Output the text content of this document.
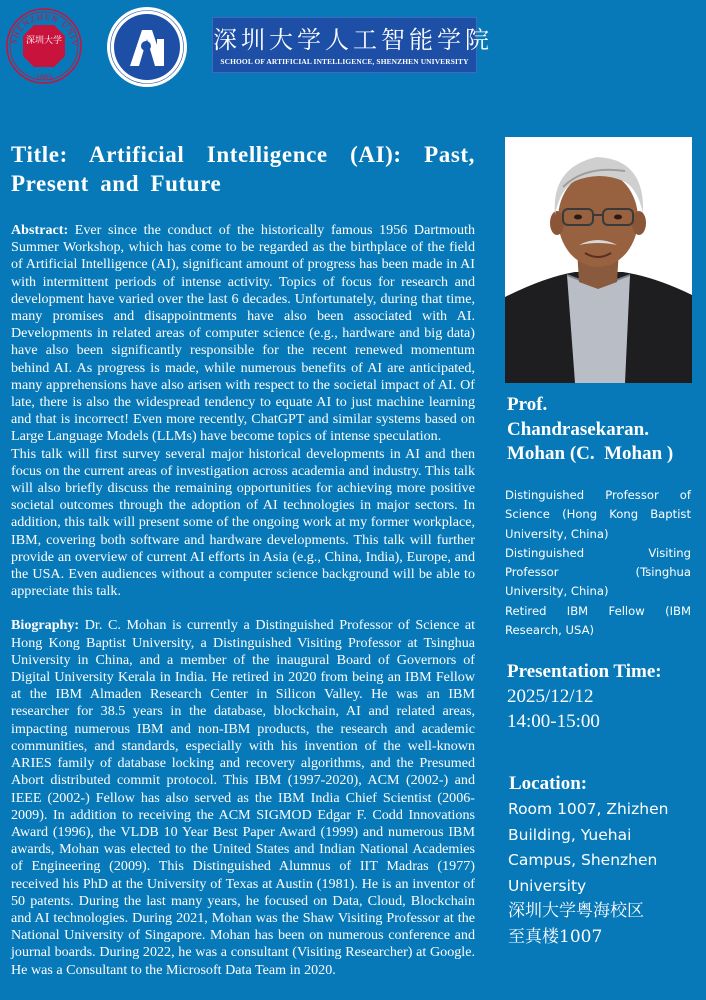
SHENZHEN UNIV
深圳大学
1983
深圳大学人工智能学院
SCHOOL OF ARTIFICIAL INTELLIGENCE, SHENZHEN UNIVERSITY
Title: Artificial Intelligence (AI): Past, Present and Future

Abstract: Ever since the conduct of the historically famous 1956 Dartmouth Summer Workshop, which has come to be regarded as the birthplace of the field of Artificial Intelligence (AI), significant amount of progress has been made in AI with intermittent periods of intense activity. Topics of focus for research and development have varied over the last 6 decades. Unfortunately, during that time, many promises and disappointments have also been associated with AI. Developments in related areas of computer science (e.g., hardware and big data) have also been significantly responsible for the recent renewed momentum behind AI. As progress is made, while numerous benefits of AI are anticipated, many apprehensions have also arisen with respect to the societal impact of AI. Of late, there is also the widespread tendency to equate AI to just machine learning and that is incorrect! Even more recently, ChatGPT and similar systems based on Large Language Models (LLMs) have become topics of intense speculation.

This talk will first survey several major historical developments in AI and then focus on the current areas of investigation across academia and industry. This talk will also briefly discuss the remaining opportunities for achieving more positive societal outcomes through the adoption of AI technologies in major sectors. In addition, this talk will present some of the ongoing work at my former workplace, IBM, covering both software and hardware developments. This talk will further provide an overview of current AI efforts in Asia (e.g., China, India), Europe, and the USA. Even audiences without a computer science background will be able to appreciate this talk.

Biography: Dr. C. Mohan is currently a Distinguished Professor of Science at Hong Kong Baptist University, a Distinguished Visiting Professor at Tsinghua University in China, and a member of the inaugural Board of Governors of Digital University Kerala in India. He retired in 2020 from being an IBM Fellow at the IBM Almaden Research Center in Silicon Valley. He was an IBM researcher for 38.5 years in the database, blockchain, AI and related areas, impacting numerous IBM and non-IBM products, the research and academic communities, and standards, especially with his invention of the well-known ARIES family of database locking and recovery algorithms, and the Presumed Abort distributed commit protocol. This IBM (1997-2020), ACM (2002-) and IEEE (2002-) Fellow has also served as the IBM India Chief Scientist (2006-2009). In addition to receiving the ACM SIGMOD Edgar F. Codd Innovations Award (1996), the VLDB 10 Year Best Paper Award (1999) and numerous IBM awards, Mohan was elected to the United States and Indian National Academies of Engineering (2009). This Distinguished Alumnus of IIT Madras (1977) received his PhD at the University of Texas at Austin (1981). He is an inventor of 50 patents. During the last many years, he focused on Data, Cloud, Blockchain and AI technologies. During 2021, Mohan was the Shaw Visiting Professor at the National University of Singapore. Mohan has been on numerous conference and journal boards. During 2022, he was a consultant (Visiting Researcher) at Google. He was a Consultant to the Microsoft Data Team in 2020.

Prof.
Chandrasekaran.
Mohan (C.  Mohan )
Distinguished Professor of
Science (Hong Kong Baptist
University, China)
Distinguished Visiting
Professor (Tsinghua
University, China)
Retired IBM Fellow (IBM
Research, USA)
Presentation Time:
2025/12/12
14:00-15:00
Location:
Room 1007, Zhizhen
Building, Yuehai
Campus, Shenzhen
University
深圳大学粤海校区
至真楼1007
